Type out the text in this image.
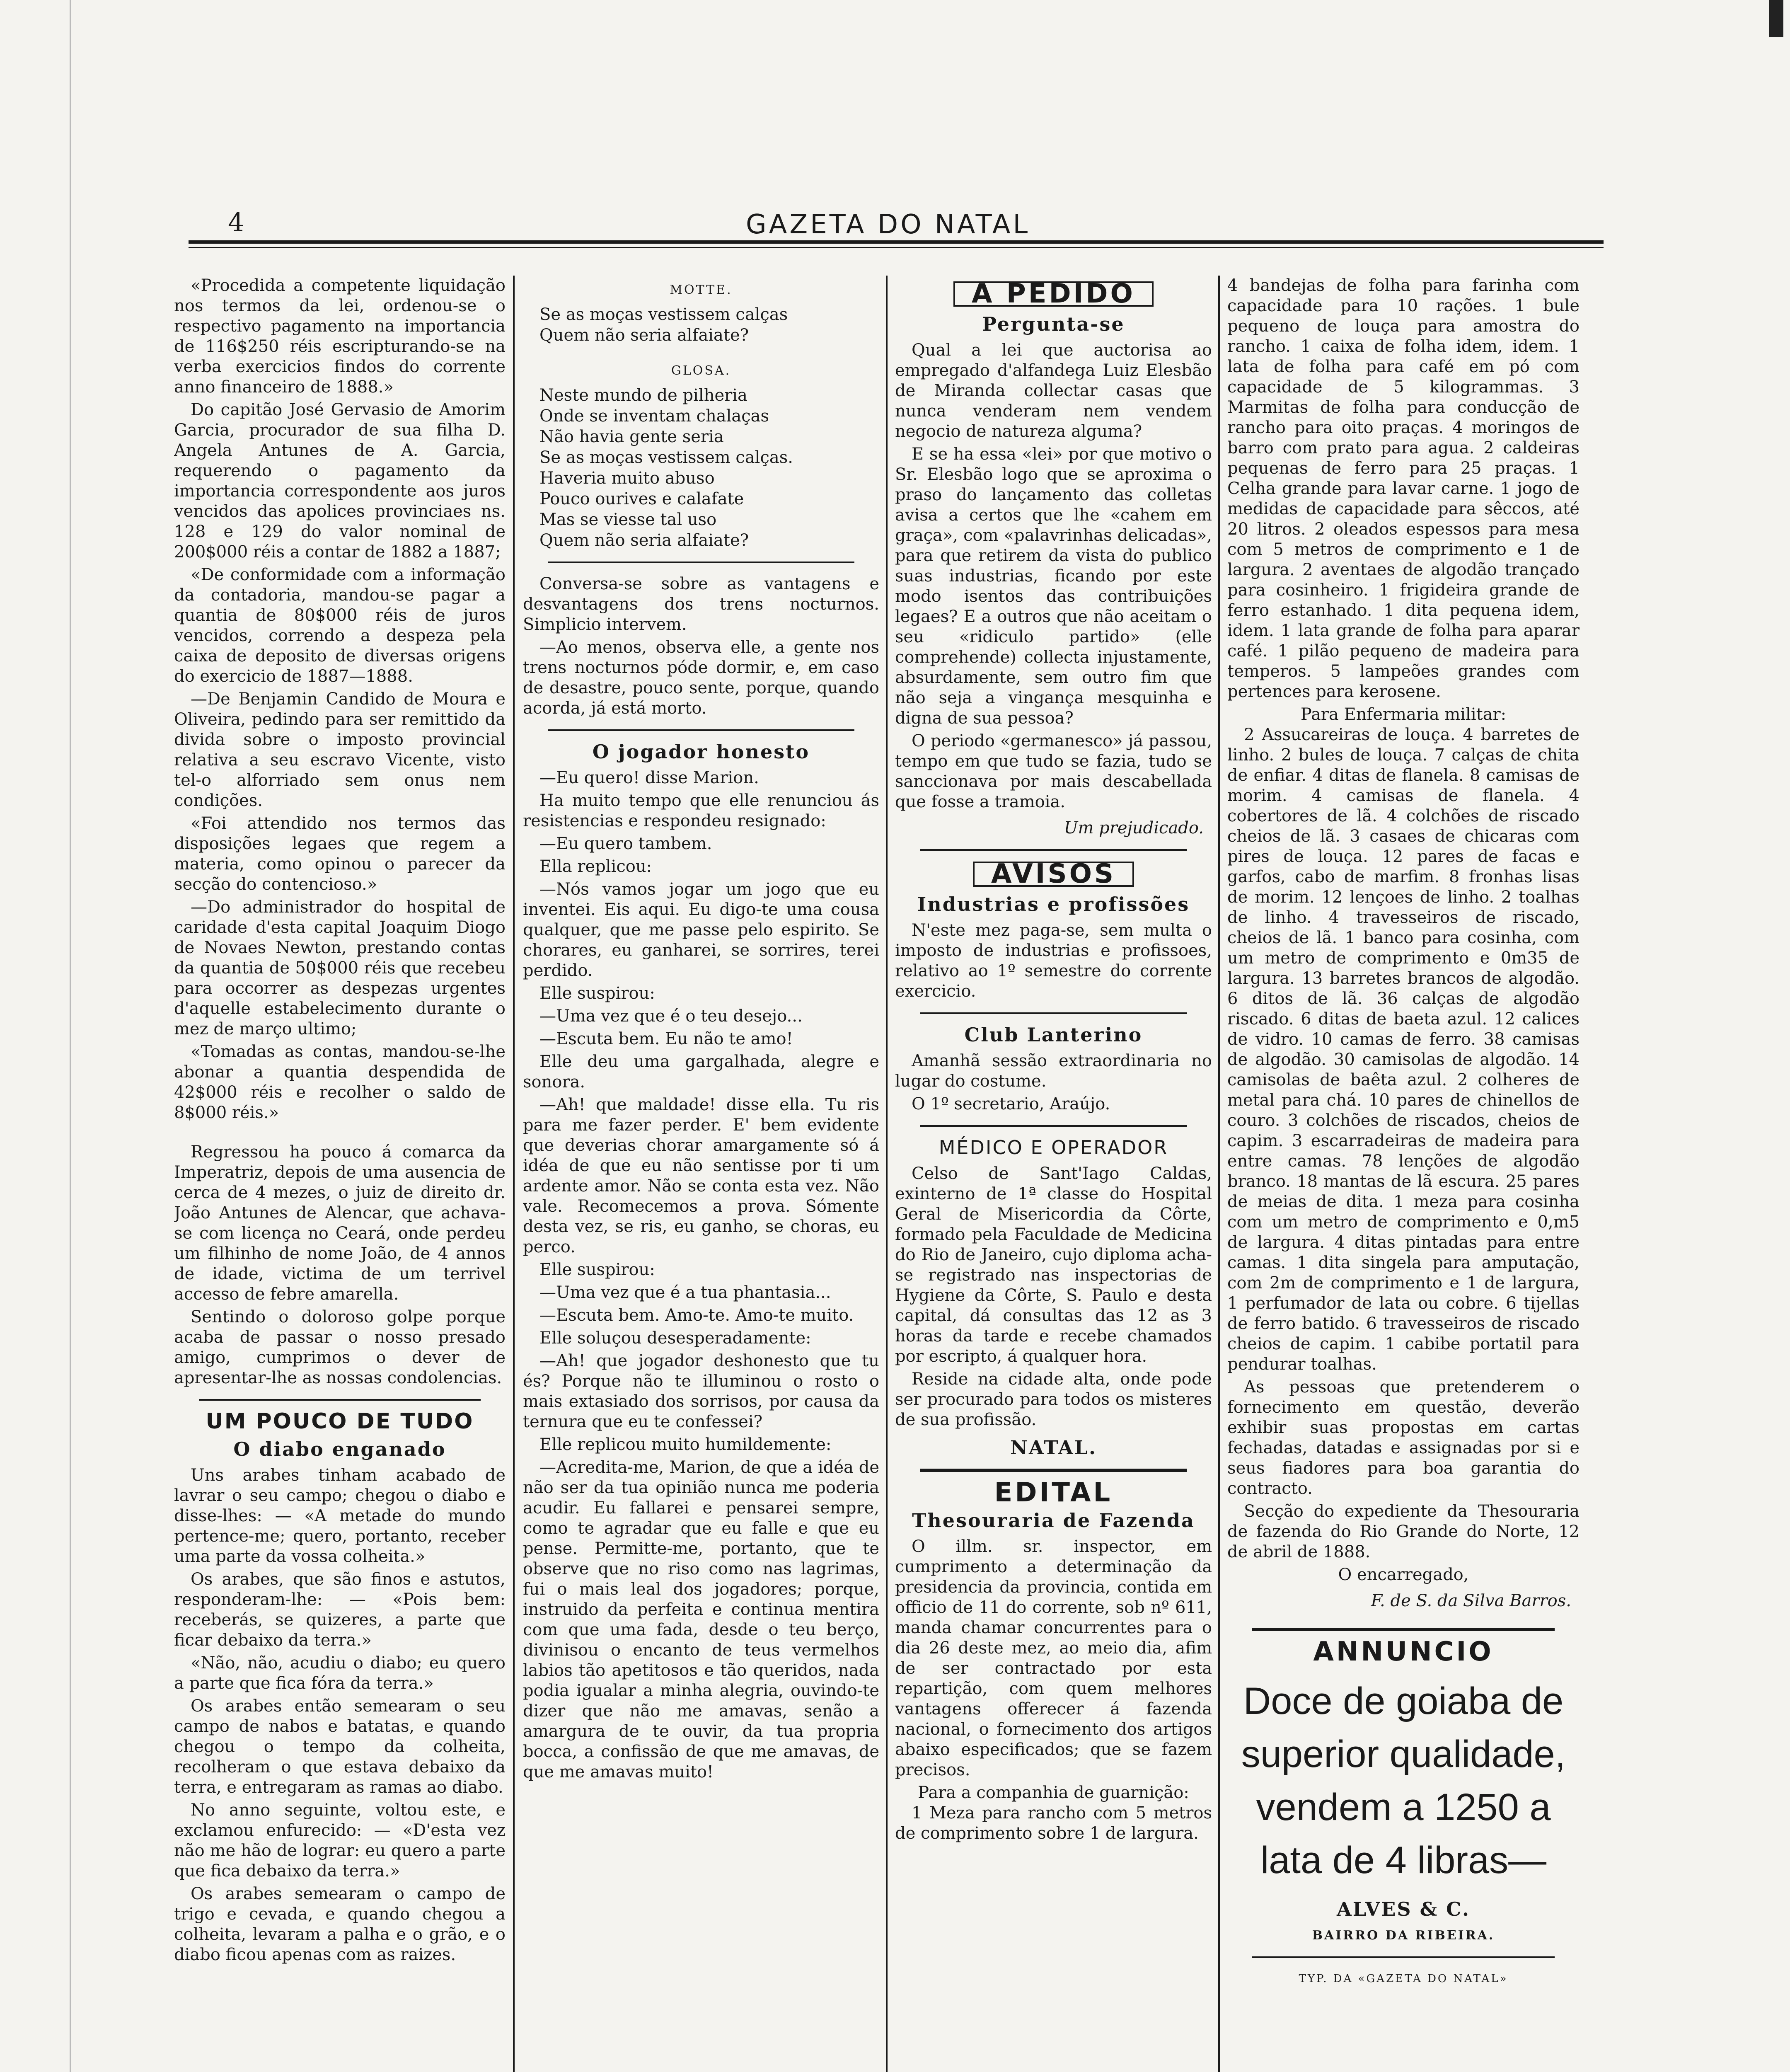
4	GAZETA DO NATAL

«Procedida a competente liquidação nos termos da lei, ordenou-se o respectivo pagamento na importancia de 116$250 réis escripturando-se na verba exercicios findos do corrente anno financeiro de 1888.»

Do capitão José Gervasio de Amorim Garcia, procurador de sua filha D. Angela Antunes de A. Garcia, requerendo o pagamento da importancia correspondente aos juros vencidos das apolices provinciaes ns. 128 e 129 do valor nominal de 200$000 réis a contar de 1882 a 1887;

«De conformidade com a informação da contadoria, mandou-se pagar a quantia de 80$000 réis de juros vencidos, correndo a despeza pela caixa de deposito de diversas origens do exercicio de 1887—1888.

—De Benjamin Candido de Moura e Oliveira, pedindo para ser remittido da divida sobre o imposto provincial relativa a seu escravo Vicente, visto tel-o alforriado sem onus nem condições.

«Foi attendido nos termos das disposições legaes que regem a materia, como opinou o parecer da secção do contencioso.»

—Do administrador do hospital de caridade d'esta capital Joaquim Diogo de Novaes Newton, prestando contas da quantia de 50$000 réis que recebeu para occorrer as despezas urgentes d'aquelle estabelecimento durante o mez de março ultimo;

«Tomadas as contas, mandou-se-lhe abonar a quantia despendida de 42$000 réis e recolher o saldo de 8$000 réis.»

Regressou ha pouco á comarca da Imperatriz, depois de uma ausencia de cerca de 4 mezes, o juiz de direito dr. João Antunes de Alencar, que achava-se com licença no Ceará, onde perdeu um filhinho de nome João, de 4 annos de idade, victima de um terrivel accesso de febre amarella.

Sentindo o doloroso golpe porque acaba de passar o nosso presado amigo, cumprimos o dever de apresentar-lhe as nossas condolencias.

UM POUCO DE TUDO
O diabo enganado

Uns arabes tinham acabado de lavrar o seu campo; chegou o diabo e disse-lhes: — «A metade do mundo pertence-me; quero, portanto, receber uma parte da vossa colheita.»

Os arabes, que são finos e astutos, responderam-lhe: — «Pois bem: receberás, se quizeres, a parte que ficar debaixo da terra.»

«Não, não, acudiu o diabo; eu quero a parte que fica fóra da terra.»

Os arabes então semearam o seu campo de nabos e batatas, e quando chegou o tempo da colheita, recolheram o que estava debaixo da terra, e entregaram as ramas ao diabo.

No anno seguinte, voltou este, e exclamou enfurecido: — «D'esta vez não me hão de lograr: eu quero a parte que fica debaixo da terra.»

Os arabes semearam o campo de trigo e cevada, e quando chegou a colheita, levaram a palha e o grão, e o diabo ficou apenas com as raizes.

MOTTE.
Se as moças vestissem calças
Quem não seria alfaiate?
GLOSA.
Neste mundo de pilheria
Onde se inventam chalaças
Não havia gente seria
Se as moças vestissem calças.
Haveria muito abuso
Pouco ourives e calafate
Mas se viesse tal uso
Quem não seria alfaiate?

Conversa-se sobre as vantagens e desvantagens dos trens nocturnos. Simplicio intervem.

—Ao menos, observa elle, a gente nos trens nocturnos póde dormir, e, em caso de desastre, pouco sente, porque, quando acorda, já está morto.

O jogador honesto

—Eu quero! disse Marion.

Ha muito tempo que elle renunciou ás resistencias e respondeu resignado:

—Eu quero tambem.

Ella replicou:

—Nós vamos jogar um jogo que eu inventei. Eis aqui. Eu digo-te uma cousa qualquer, que me passe pelo espirito. Se chorares, eu ganharei, se sorrires, terei perdido.

Elle suspirou:

—Uma vez que é o teu desejo...

—Escuta bem. Eu não te amo!

Elle deu uma gargalhada, alegre e sonora.

—Ah! que maldade! disse ella. Tu ris para me fazer perder. E' bem evidente que deverias chorar amargamente só á idéa de que eu não sentisse por ti um ardente amor. Não se conta esta vez. Não vale. Recomecemos a prova. Sómente desta vez, se ris, eu ganho, se choras, eu perco.

Elle suspirou:

—Uma vez que é a tua phantasia...

—Escuta bem. Amo-te. Amo-te muito.

Elle soluçou desesperadamente:

—Ah! que jogador deshonesto que tu és? Porque não te illuminou o rosto o mais extasiado dos sorrisos, por causa da ternura que eu te confessei?

Elle replicou muito humildemente:

—Acredita-me, Marion, de que a idéa de não ser da tua opinião nunca me poderia acudir. Eu fallarei e pensarei sempre, como te agradar que eu falle e que eu pense. Permitte-me, portanto, que te observe que no riso como nas lagrimas, fui o mais leal dos jogadores; porque, instruido da perfeita e continua mentira com que uma fada, desde o teu berço, divinisou o encanto de teus vermelhos labios tão apetitosos e tão queridos, nada podia igualar a minha alegria, ouvindo-te dizer que não me amavas, senão a amargura de te ouvir, da tua propria bocca, a confissão de que me amavas, de que me amavas muito!

A PEDIDO
Pergunta-se

Qual a lei que auctorisa ao empregado d'alfandega Luiz Elesbão de Miranda collectar casas que nunca venderam nem vendem negocio de natureza alguma?

E se ha essa «lei» por que motivo o Sr. Elesbão logo que se aproxima o praso do lançamento das colletas avisa a certos que lhe «cahem em graça», com «palavrinhas delicadas», para que retirem da vista do publico suas industrias, ficando por este modo isentos das contribuições legaes? E a outros que não aceitam o seu «ridiculo partido» (elle comprehende) collecta injustamente, absurdamente, sem outro fim que não seja a vingança mesquinha e digna de sua pessoa?

O periodo «germanesco» já passou, tempo em que tudo se fazia, tudo se sanccionava por mais descabellada que fosse a tramoia.

Um prejudicado.
AVISOS
Industrias e profissões

N'este mez paga-se, sem multa o imposto de industrias e profissoes, relativo ao 1º semestre do corrente exercicio.

Club Lanterino

Amanhã sessão extraordinaria no lugar do costume.

O 1º secretario, Araújo.

MÉDICO E OPERADOR

Celso de Sant'Iago Caldas, exinterno de 1ª classe do Hospital Geral de Misericordia da Côrte, formado pela Faculdade de Medicina do Rio de Janeiro, cujo diploma acha-se registrado nas inspectorias de Hygiene da Côrte, S. Paulo e desta capital, dá consultas das 12 as 3 horas da tarde e recebe chamados por escripto, á qualquer hora.

Reside na cidade alta, onde pode ser procurado para todos os misteres de sua profissão.

NATAL.
EDITAL
Thesouraria de Fazenda

O illm. sr. inspector, em cumprimento a determinação da presidencia da provincia, contida em officio de 11 do corrente, sob nº 611, manda chamar concurrentes para o dia 26 deste mez, ao meio dia, afim de ser contractado por esta repartição, com quem melhores vantagens offerecer á fazenda nacional, o fornecimento dos artigos abaixo especificados; que se fazem precisos.

Para a companhia de guarnição:

1 Meza para rancho com 5 metros de comprimento sobre 1 de largura.

4 bandejas de folha para farinha com capacidade para 10 rações. 1 bule pequeno de louça para amostra do rancho. 1 caixa de folha idem, idem. 1 lata de folha para café em pó com capacidade de 5 kilogrammas. 3 Marmitas de folha para conducção de rancho para oito praças. 4 moringos de barro com prato para agua. 2 caldeiras pequenas de ferro para 25 praças. 1 Celha grande para lavar carne. 1 jogo de medidas de capacidade para sêccos, até 20 litros. 2 oleados espessos para mesa com 5 metros de comprimento e 1 de largura. 2 aventaes de algodão trançado para cosinheiro. 1 frigideira grande de ferro estanhado. 1 dita pequena idem, idem. 1 lata grande de folha para aparar café. 1 pilão pequeno de madeira para temperos. 5 lampeões grandes com pertences para kerosene.

Para Enfermaria militar:

2 Assucareiras de louça. 4 barretes de linho. 2 bules de louça. 7 calças de chita de enfiar. 4 ditas de flanela. 8 camisas de morim. 4 camisas de flanela. 4 cobertores de lã. 4 colchões de riscado cheios de lã. 3 casaes de chicaras com pires de louça. 12 pares de facas e garfos, cabo de marfim. 8 fronhas lisas de morim. 12 lençoes de linho. 2 toalhas de linho. 4 travesseiros de riscado, cheios de lã. 1 banco para cosinha, com um metro de comprimento e 0m35 de largura. 13 barretes brancos de algodão. 6 ditos de lã. 36 calças de algodão riscado. 6 ditas de baeta azul. 12 calices de vidro. 10 camas de ferro. 38 camisas de algodão. 30 camisolas de algodão. 14 camisolas de baêta azul. 2 colheres de metal para chá. 10 pares de chinellos de couro. 3 colchões de riscados, cheios de capim. 3 escarradeiras de madeira para entre camas. 78 lenções de algodão branco. 18 mantas de lã escura. 25 pares de meias de dita. 1 meza para cosinha com um metro de comprimento e 0,m5 de largura. 4 ditas pintadas para entre camas. 1 dita singela para amputação, com 2m de comprimento e 1 de largura, 1 perfumador de lata ou cobre. 6 tijellas de ferro batido. 6 travesseiros de riscado cheios de capim. 1 cabibe portatil para pendurar toalhas.

As pessoas que pretenderem o fornecimento em questão, deverão exhibir suas propostas em cartas fechadas, datadas e assignadas por si e seus fiadores para boa garantia do contracto.

Secção do expediente da Thesouraria de fazenda do Rio Grande do Norte, 12 de abril de 1888.

O encarregado,
F. de S. da Silva Barros.
ANNUNCIO
Doce de goiaba de superior qualidade, vendem a 1250 a lata de 4 libras—
ALVES & C.
BAIRRO DA RIBEIRA.
TYP. DA «GAZETA DO NATAL»
